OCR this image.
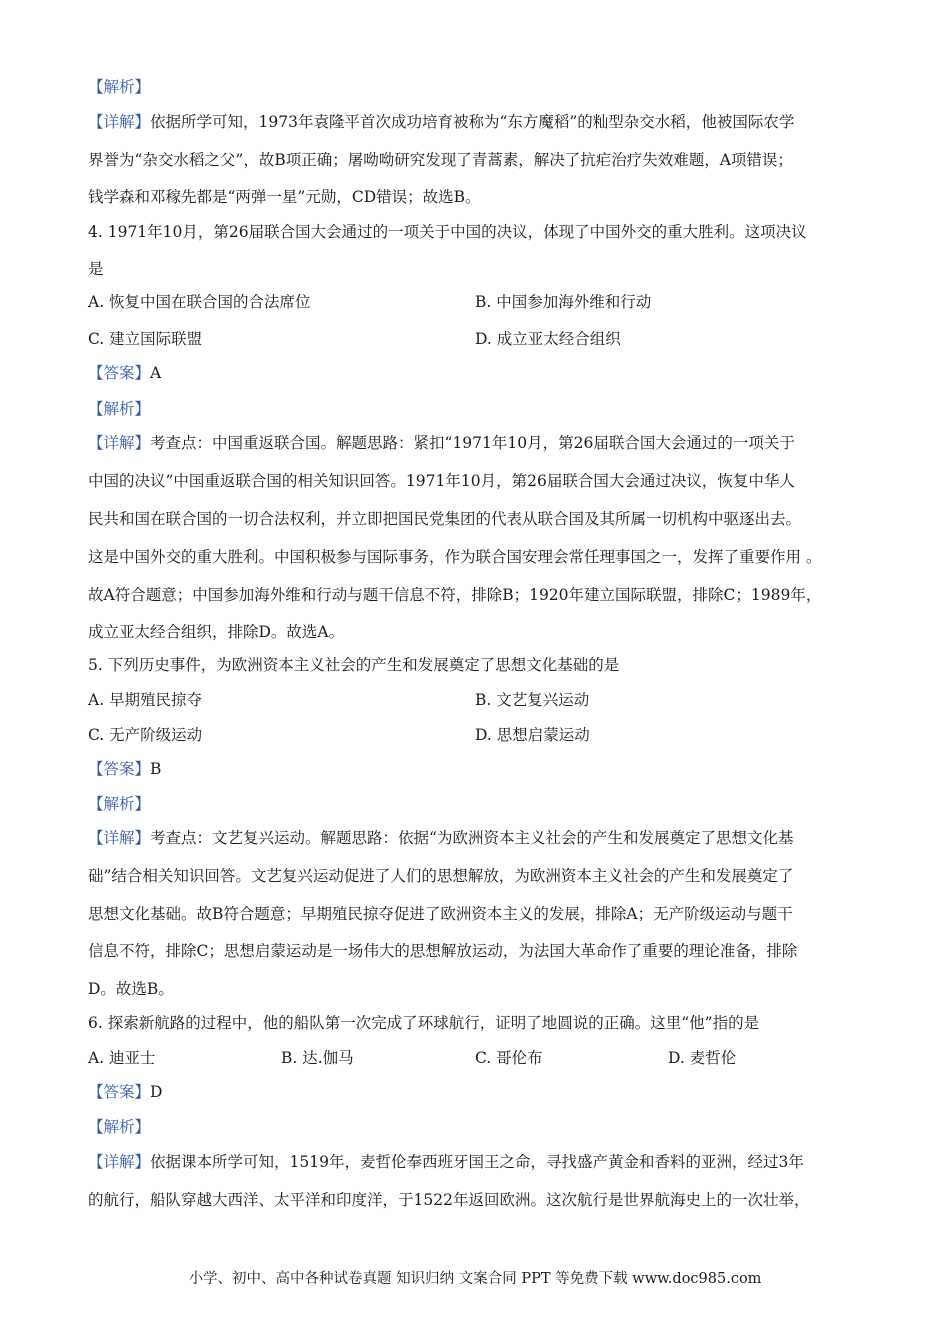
【解析】
【详解】依据所学可知，1973年袁隆平首次成功培育被称为“东方魔稻”的籼型杂交水稻，他被国际农学
界誉为“杂交水稻之父”，故B项正确；屠呦呦研究发现了青蒿素，解决了抗疟治疗失效难题，A项错误；
钱学森和邓稼先都是“两弹一星”元勋，CD错误；故选B。
4. 1971年10月，第26届联合国大会通过的一项关于中国的决议，体现了中国外交的重大胜利。这项决议
是
A. 恢复中国在联合国的合法席位	B. 中国参加海外维和行动
C. 建立国际联盟	D. 成立亚太经合组织
【答案】A
【解析】
【详解】考查点：中国重返联合国。解题思路：紧扣“1971年10月，第26届联合国大会通过的一项关于
中国的决议”中国重返联合国的相关知识回答。1971年10月，第26届联合国大会通过决议，恢复中华人
民共和国在联合国的一切合法权利，并立即把国民党集团的代表从联合国及其所属一切机构中驱逐出去。
这是中国外交的重大胜利。中国积极参与国际事务，作为联合国安理会常任理事国之一，发挥了重要作用 。
故A符合题意；中国参加海外维和行动与题干信息不符，排除B；1920年建立国际联盟，排除C；1989年，
成立亚太经合组织，排除D。故选A。
5. 下列历史事件，为欧洲资本主义社会的产生和发展奠定了思想文化基础的是
A. 早期殖民掠夺	B. 文艺复兴运动
C. 无产阶级运动	D. 思想启蒙运动
【答案】B
【解析】
【详解】考查点：文艺复兴运动。解题思路：依据“为欧洲资本主义社会的产生和发展奠定了思想文化基
础”结合相关知识回答。文艺复兴运动促进了人们的思想解放，为欧洲资本主义社会的产生和发展奠定了
思想文化基础。故B符合题意；早期殖民掠夺促进了欧洲资本主义的发展，排除A；无产阶级运动与题干
信息不符，排除C；思想启蒙运动是一场伟大的思想解放运动，为法国大革命作了重要的理论准备，排除
D。故选B。
6. 探索新航路的过程中，他的船队第一次完成了环球航行，证明了地圆说的正确。这里“他”指的是
A. 迪亚士	B. 达.伽马	C. 哥伦布	D. 麦哲伦
【答案】D
【解析】
【详解】依据课本所学可知，1519年，麦哲伦奉西班牙国王之命，寻找盛产黄金和香料的亚洲，经过3年
的航行，船队穿越大西洋、太平洋和印度洋，于1522年返回欧洲。这次航行是世界航海史上的一次壮举，
小学、初中、高中各种试卷真题 知识归纳 文案合同 PPT 等免费下载 www.doc985.com
